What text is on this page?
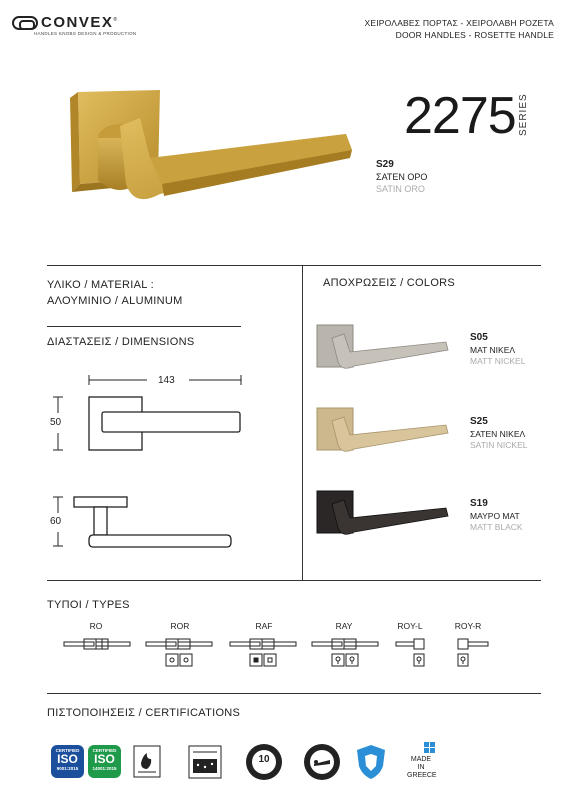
CONVEX ®
HANDLES KNOBS DESIGN & PRODUCTION
ΧΕΙΡΟΛΑΒΕΣ ΠΟΡΤΑΣ - ΧΕΙΡΟΛΑΒΗ ΡΟΖΕΤΑ
DOOR HANDLES - ROSETTE HANDLE
2275 SERIES
S29
ΣΑΤΕΝ ΟΡΟ
SATIN ORO
ΥΛΙΚΟ / MATERIAL :
ΑΛΟΥΜΙΝΙΟ / ALUMINUM
ΔΙΑΣΤΑΣΕΙΣ / DIMENSIONS
143
50
60
ΑΠΟΧΡΩΣΕΙΣ / COLORS
S05
ΜΑΤ ΝΙΚΕΛ
MATT NICKEL
S25
ΣΑΤΕΝ ΝΙΚΕΛ
SATIN NICKEL
S19
ΜΑΥΡΟ ΜΑΤ
MATT BLACK
ΤΥΠΟΙ / TYPES
RO	ROR	RAF	RAY	ROY-L	ROY-R
ΠΙΣΤΟΠΟΙΗΣΕΙΣ / CERTIFICATIONS
CERTIFIED
ISO
9001:2015
CERTIFIED
ISO
14001:2015
10	MADE
IN
GREECE
